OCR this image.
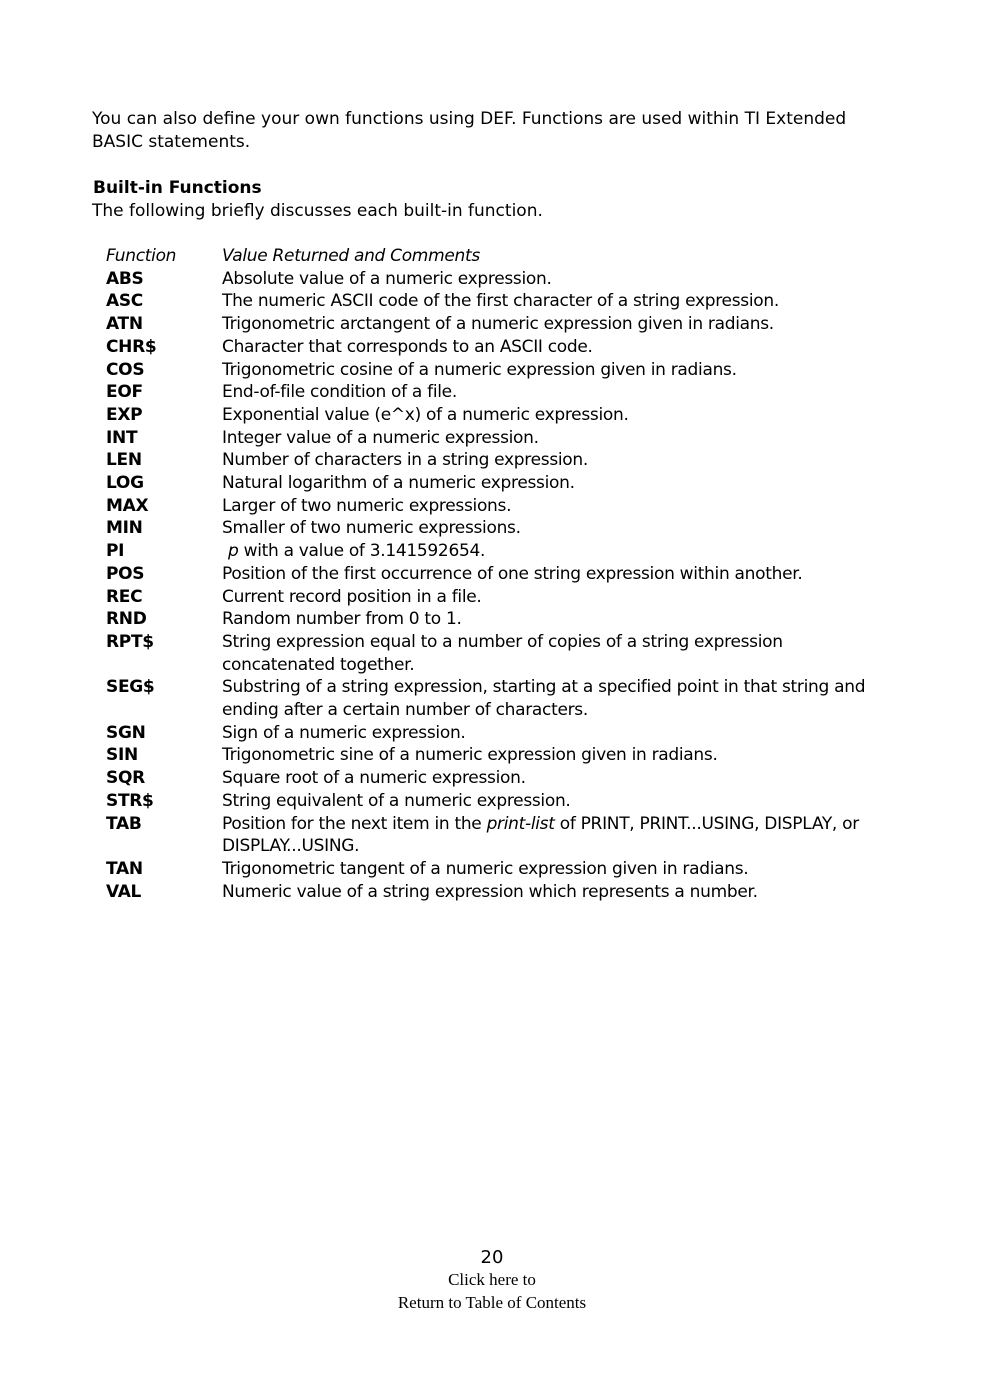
You can also define your own functions using DEF. Functions are used within TI Extended BASIC statements.
Built-in Functions
The following briefly discusses each built-in function.
Function	Value Returned and Comments
ABS	Absolute value of a numeric expression.
ASC	The numeric ASCII code of the first character of a string expression.
ATN	Trigonometric arctangent of a numeric expression given in radians.
CHR$	Character that corresponds to an ASCII code.
COS	Trigonometric cosine of a numeric expression given in radians.
EOF	End-of-file condition of a file.
EXP	Exponential value (e^x) of a numeric expression.
INT	Integer value of a numeric expression.
LEN	Number of characters in a string expression.
LOG	Natural logarithm of a numeric expression.
MAX	Larger of two numeric expressions.
MIN	Smaller of two numeric expressions.
PI	p with a value of 3.141592654.
POS	Position of the first occurrence of one string expression within another.
REC	Current record position in a file.
RND	Random number from 0 to 1.
RPT$	String expression equal to a number of copies of a string expression concatenated together.
SEG$	Substring of a string expression, starting at a specified point in that string and ending after a certain number of characters.
SGN	Sign of a numeric expression.
SIN	Trigonometric sine of a numeric expression given in radians.
SQR	Square root of a numeric expression.
STR$	String equivalent of a numeric expression.
TAB	Position for the next item in the print-list of PRINT, PRINT...USING, DISPLAY, or DISPLAY...USING.
TAN	Trigonometric tangent of a numeric expression given in radians.
VAL	Numeric value of a string expression which represents a number.
20
Click here to
Return to Table of Contents
